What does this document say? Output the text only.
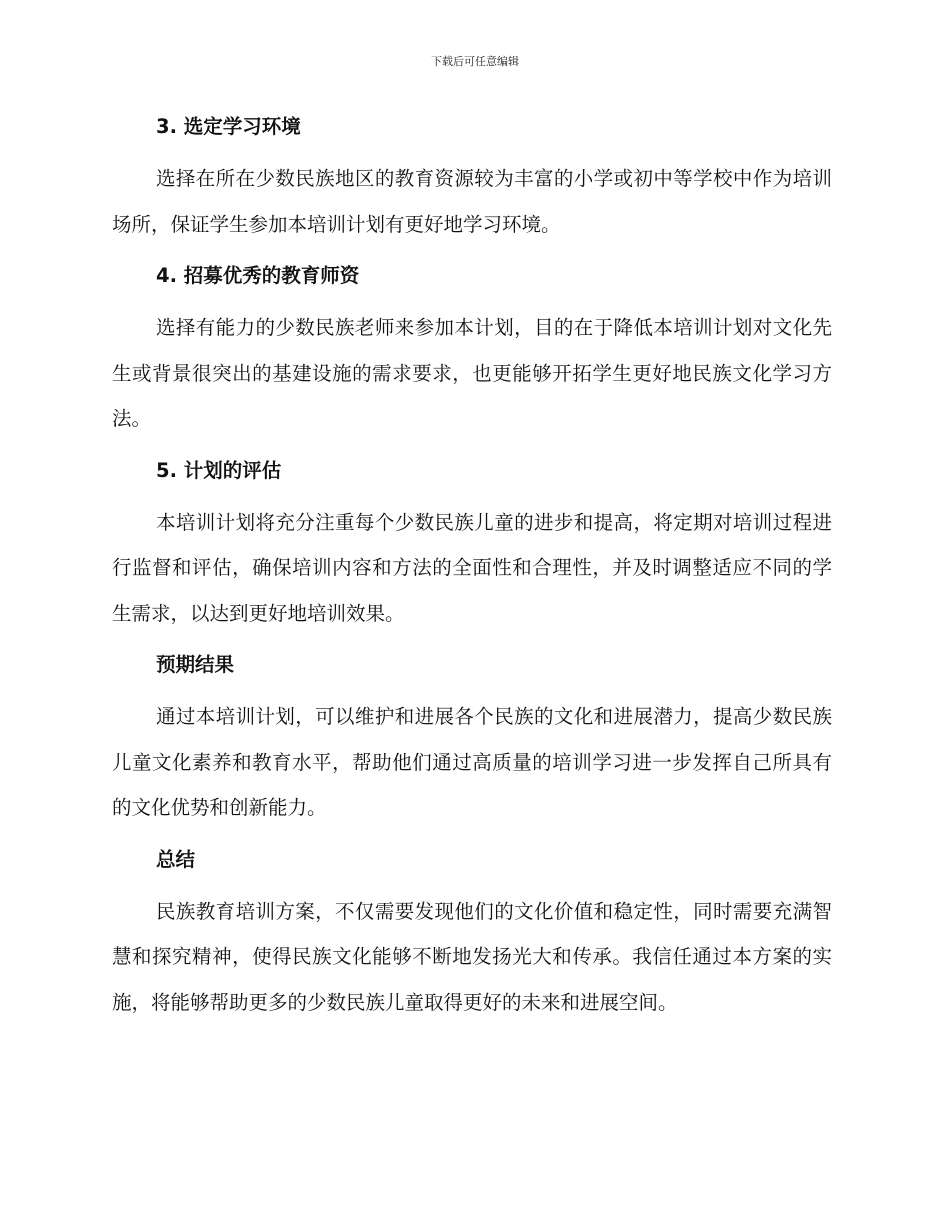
下载后可任意编辑
3. 选定学习环境

选择在所在少数民族地区的教育资源较为丰富的小学或初中等学校中作为培训场所，保证学生参加本培训计划有更好地学习环境。

4. 招募优秀的教育师资

选择有能力的少数民族老师来参加本计划，目的在于降低本培训计划对文化先生或背景很突出的基建设施的需求要求，也更能够开拓学生更好地民族文化学习方法。

5. 计划的评估

本培训计划将充分注重每个少数民族儿童的进步和提高，将定期对培训过程进行监督和评估，确保培训内容和方法的全面性和合理性，并及时调整适应不同的学生需求，以达到更好地培训效果。

预期结果

通过本培训计划，可以维护和进展各个民族的文化和进展潜力，提高少数民族儿童文化素养和教育水平，帮助他们通过高质量的培训学习进一步发挥自己所具有的文化优势和创新能力。

总结

民族教育培训方案，不仅需要发现他们的文化价值和稳定性，同时需要充满智慧和探究精神，使得民族文化能够不断地发扬光大和传承。我信任通过本方案的实施，将能够帮助更多的少数民族儿童取得更好的未来和进展空间。
